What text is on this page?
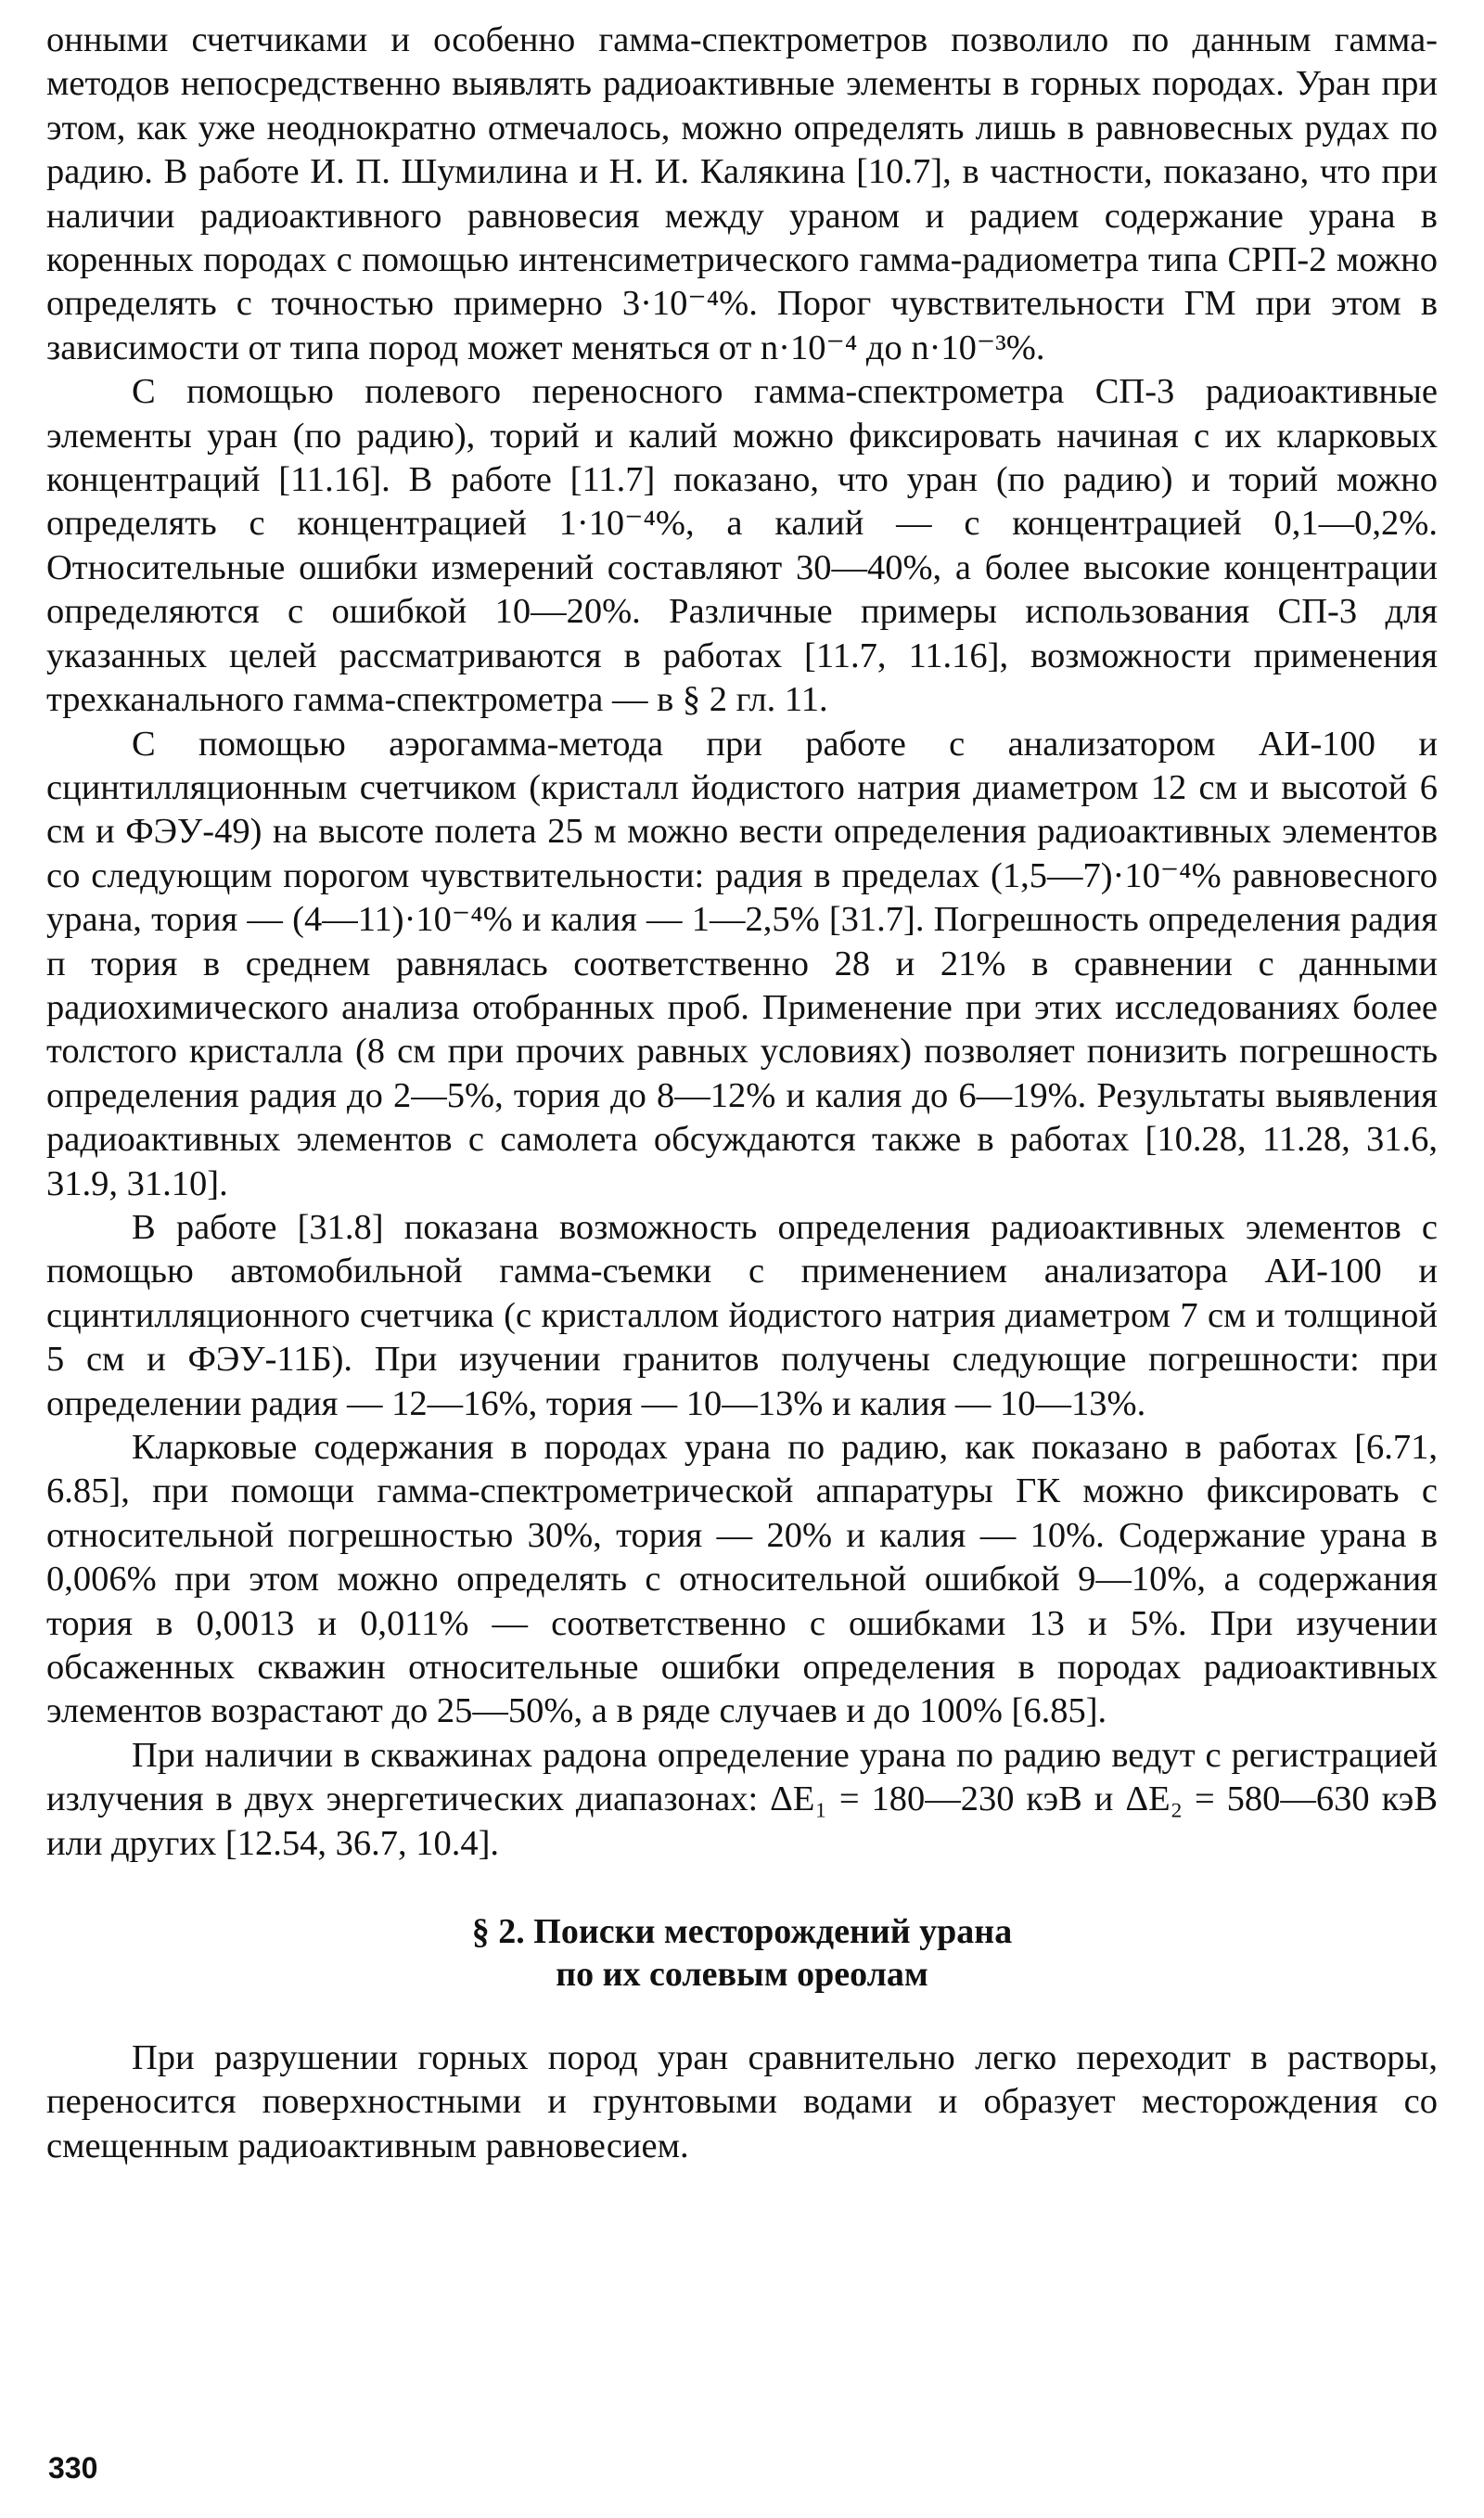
онными счетчиками и особенно гамма-спектрометров позволило по данным гамма-методов непосредственно выявлять радиоактивные элементы в горных породах. Уран при этом, как уже неоднократно отмечалось, можно определять лишь в равновесных рудах по радию. В работе И. П. Шумилина и Н. И. Калякина [10.7], в частности, показано, что при наличии радиоактивного равновесия между ураном и радием содержание урана в коренных породах с помощью интенсиметрического гамма-радиометра типа СРП-2 можно определять с точностью примерно 3·10⁻⁴%. Порог чувствительности ГМ при этом в зависимости от типа пород может меняться от n·10⁻⁴ до n·10⁻³%.

С помощью полевого переносного гамма-спектрометра СП-3 радиоактивные элементы уран (по радию), торий и калий можно фиксировать начиная с их кларковых концентраций [11.16]. В работе [11.7] показано, что уран (по радию) и торий можно определять с концентрацией 1·10⁻⁴%, а калий — с концентрацией 0,1—0,2%. Относительные ошибки измерений составляют 30—40%, а более высокие концентрации определяются с ошибкой 10—20%. Различные примеры использования СП-3 для указанных целей рассматриваются в работах [11.7, 11.16], возможности применения трехканального гамма-спектрометра — в § 2 гл. 11.

С помощью аэрогамма-метода при работе с анализатором АИ-100 и сцинтилляционным счетчиком (кристалл йодистого натрия диаметром 12 см и высотой 6 см и ФЭУ-49) на высоте полета 25 м можно вести определения радиоактивных элементов со следующим порогом чувствительности: радия в пределах (1,5—7)·10⁻⁴% равновесного урана, тория — (4—11)·10⁻⁴% и калия — 1—2,5% [31.7]. Погрешность определения радия п тория в среднем равнялась соответственно 28 и 21% в сравнении с данными радиохимического анализа отобранных проб. Применение при этих исследованиях более толстого кристалла (8 см при прочих равных условиях) позволяет понизить погрешность определения радия до 2—5%, тория до 8—12% и калия до 6—19%. Результаты выявления радиоактивных элементов с самолета обсуждаются также в работах [10.28, 11.28, 31.6, 31.9, 31.10].

В работе [31.8] показана возможность определения радиоактивных элементов с помощью автомобильной гамма-съемки с применением анализатора АИ-100 и сцинтилляционного счетчика (с кристаллом йодистого натрия диаметром 7 см и толщиной 5 см и ФЭУ-11Б). При изучении гранитов получены следующие погрешности: при определении радия — 12—16%, тория — 10—13% и калия — 10—13%.

Кларковые содержания в породах урана по радию, как показано в работах [6.71, 6.85], при помощи гамма-спектрометрической аппаратуры ГК можно фиксировать с относительной погрешностью 30%, тория — 20% и калия — 10%. Содержание урана в 0,006% при этом можно определять с относительной ошибкой 9—10%, а содержания тория в 0,0013 и 0,011% — соответственно с ошибками 13 и 5%. При изучении обсаженных скважин относительные ошибки определения в породах радиоактивных элементов возрастают до 25—50%, а в ряде случаев и до 100% [6.85].

При наличии в скважинах радона определение урана по радию ведут с регистрацией излучения в двух энергетических диапазонах: ΔE₁ = 180—230 кэВ и ΔE₂ = 580—630 кэВ или других [12.54, 36.7, 10.4].

§ 2. Поиски месторождений урана
по их солевым ореолам

При разрушении горных пород уран сравнительно легко переходит в растворы, переносится поверхностными и грунтовыми водами и образует месторождения со смещенным радиоактивным равновесием.

330
